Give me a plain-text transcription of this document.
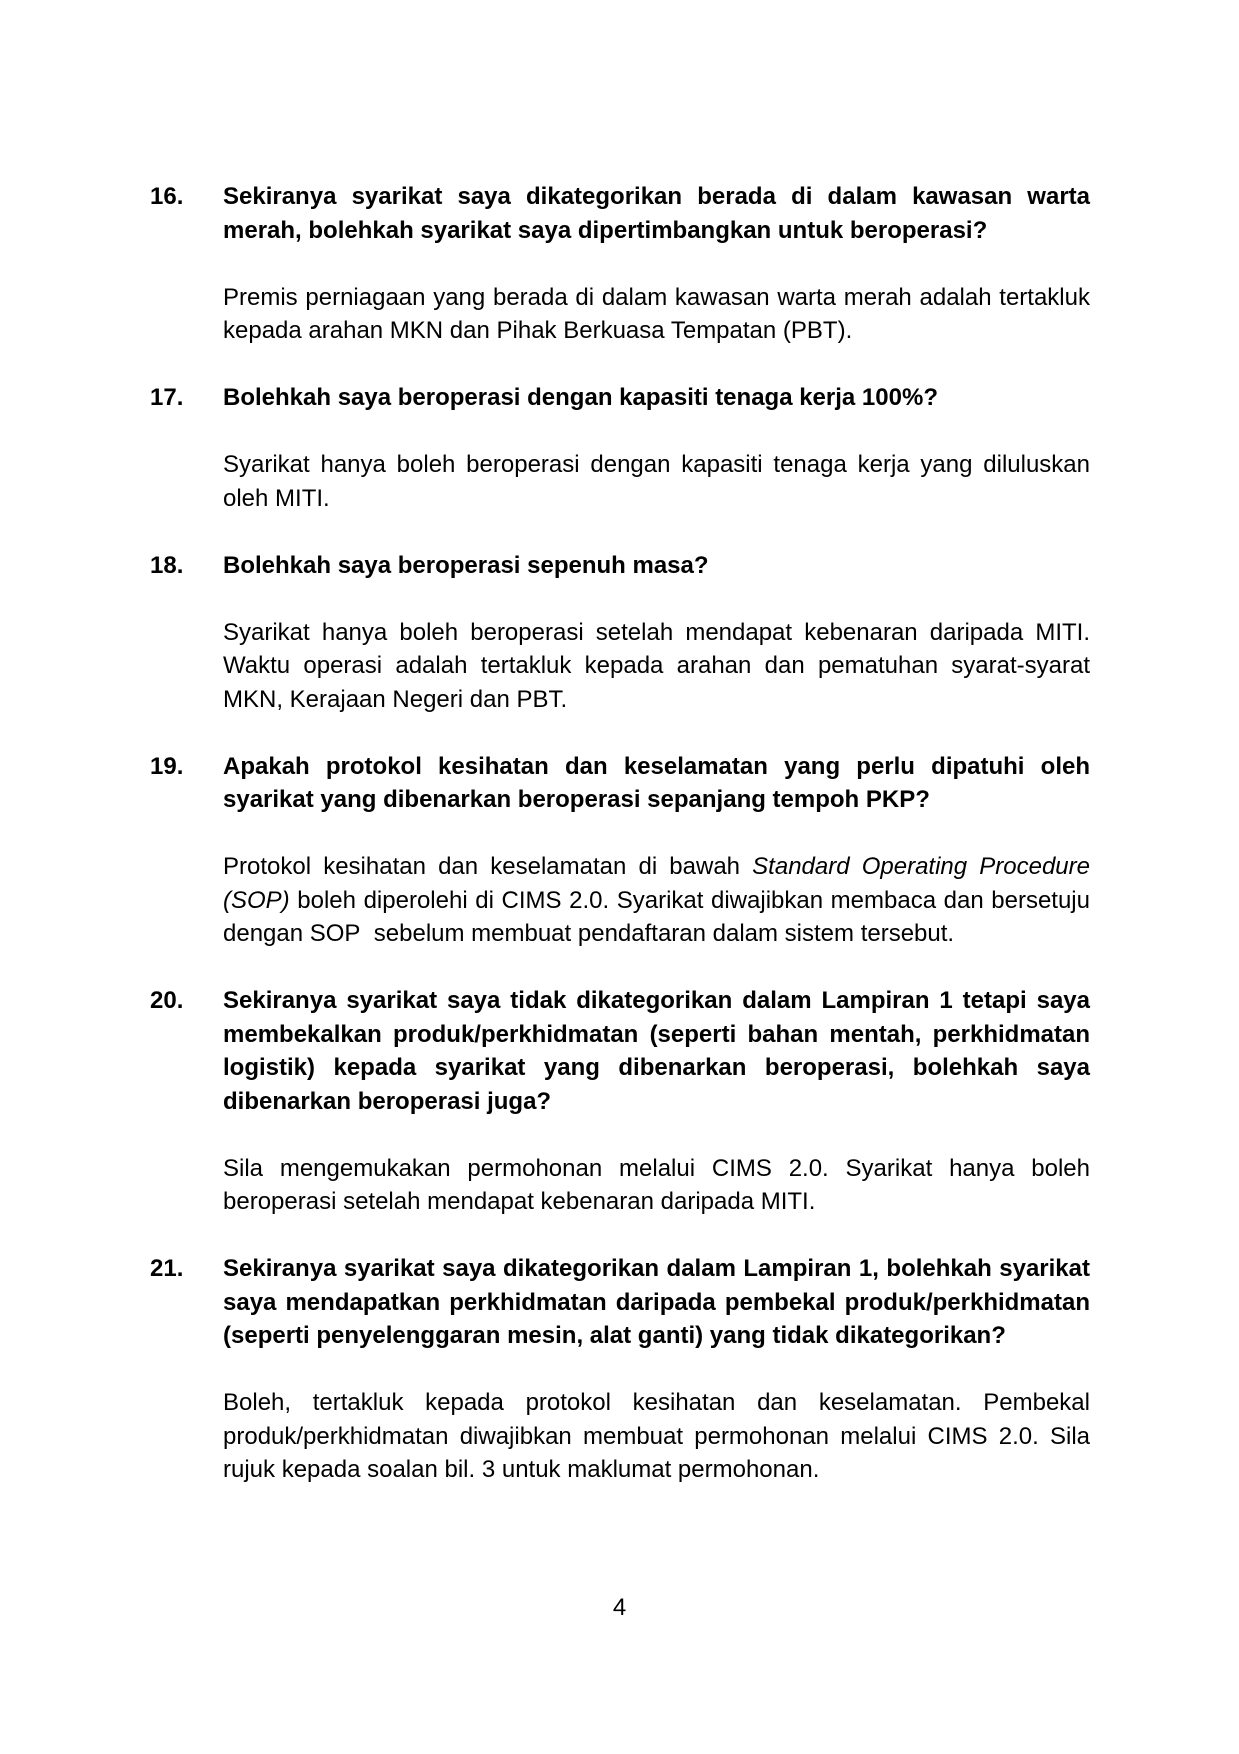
16.	Sekiranya syarikat saya dikategorikan berada di dalam kawasan warta merah, bolehkah syarikat saya dipertimbangkan untuk beroperasi?

Premis perniagaan yang berada di dalam kawasan warta merah adalah tertakluk kepada arahan MKN dan Pihak Berkuasa Tempatan (PBT).

17.	Bolehkah saya beroperasi dengan kapasiti tenaga kerja 100%?

Syarikat hanya boleh beroperasi dengan kapasiti tenaga kerja yang diluluskan oleh MITI.

18.	Bolehkah saya beroperasi sepenuh masa?

Syarikat hanya boleh beroperasi setelah mendapat kebenaran daripada MITI. Waktu operasi adalah tertakluk kepada arahan dan pematuhan syarat-syarat MKN, Kerajaan Negeri dan PBT.

19.	Apakah protokol kesihatan dan keselamatan yang perlu dipatuhi oleh syarikat yang dibenarkan beroperasi sepanjang tempoh PKP?

Protokol kesihatan dan keselamatan di bawah Standard Operating Procedure (SOP) boleh diperolehi di CIMS 2.0. Syarikat diwajibkan membaca dan bersetuju dengan SOP  sebelum membuat pendaftaran dalam sistem tersebut.

20.	Sekiranya syarikat saya tidak dikategorikan dalam Lampiran 1 tetapi saya membekalkan produk/perkhidmatan (seperti bahan mentah, perkhidmatan logistik) kepada syarikat yang dibenarkan beroperasi, bolehkah saya dibenarkan beroperasi juga?

Sila mengemukakan permohonan melalui CIMS 2.0. Syarikat hanya boleh beroperasi setelah mendapat kebenaran daripada MITI.

21.	Sekiranya syarikat saya dikategorikan dalam Lampiran 1, bolehkah syarikat saya mendapatkan perkhidmatan daripada pembekal produk/perkhidmatan (seperti penyelenggaran mesin, alat ganti) yang tidak dikategorikan?

Boleh, tertakluk kepada protokol kesihatan dan keselamatan. Pembekal produk/perkhidmatan diwajibkan membuat permohonan melalui CIMS 2.0. Sila rujuk kepada soalan bil. 3 untuk maklumat permohonan.

4
